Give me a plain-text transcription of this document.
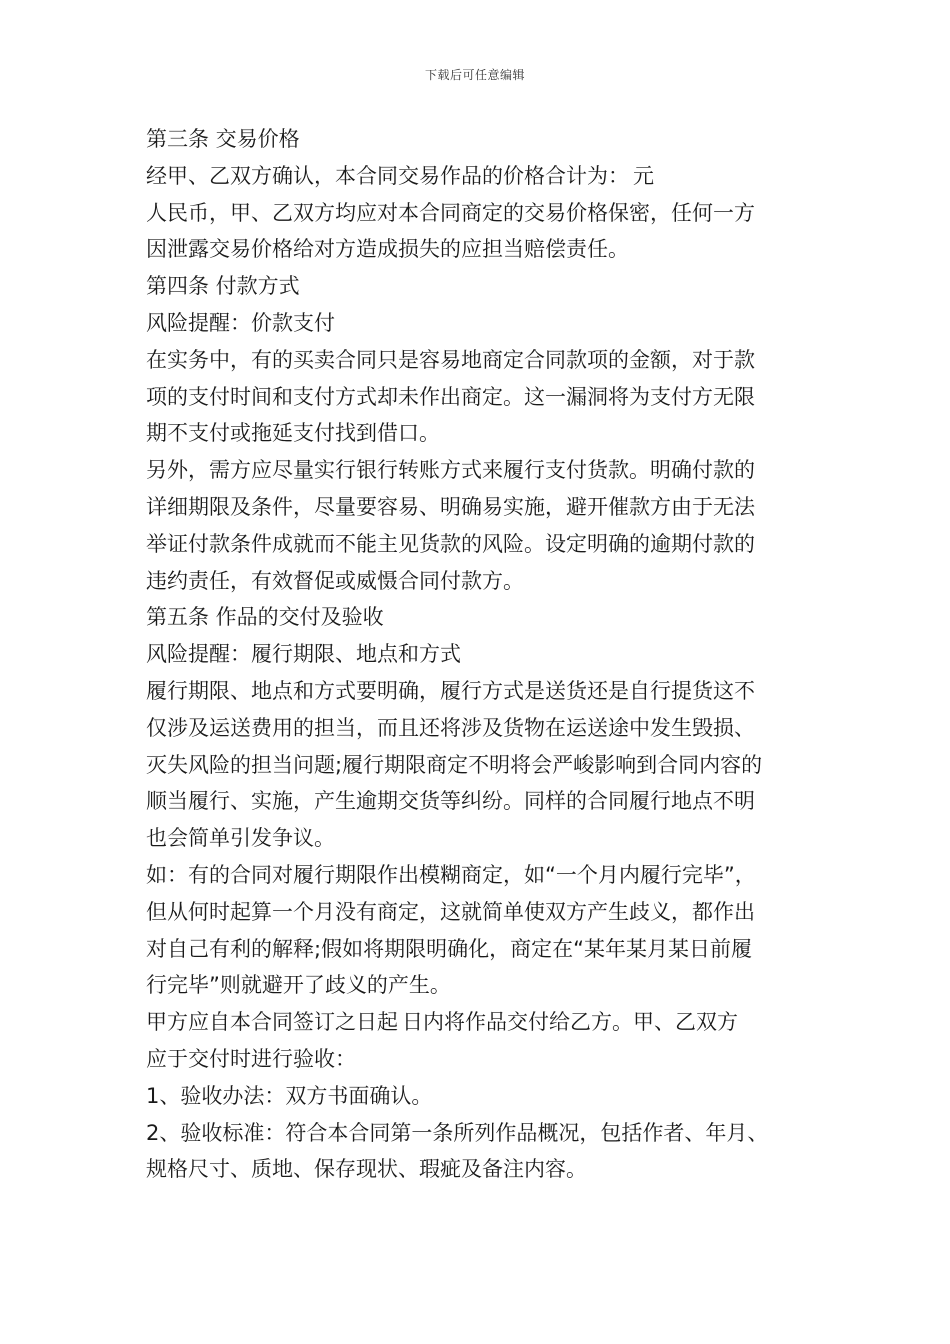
下载后可任意编辑
第三条 交易价格
经甲、乙双方确认，本合同交易作品的价格合计为： 元
人民币，甲、乙双方均应对本合同商定的交易价格保密，任何一方
因泄露交易价格给对方造成损失的应担当赔偿责任。
第四条 付款方式
风险提醒：价款支付
在实务中，有的买卖合同只是容易地商定合同款项的金额，对于款
项的支付时间和支付方式却未作出商定。这一漏洞将为支付方无限
期不支付或拖延支付找到借口。
另外，需方应尽量实行银行转账方式来履行支付货款。明确付款的
详细期限及条件，尽量要容易、明确易实施，避开催款方由于无法
举证付款条件成就而不能主见货款的风险。设定明确的逾期付款的
违约责任，有效督促或威慑合同付款方。
第五条 作品的交付及验收
风险提醒：履行期限、地点和方式
履行期限、地点和方式要明确，履行方式是送货还是自行提货这不
仅涉及运送费用的担当，而且还将涉及货物在运送途中发生毁损、
灭失风险的担当问题;履行期限商定不明将会严峻影响到合同内容的
顺当履行、实施，产生逾期交货等纠纷。同样的合同履行地点不明
也会简单引发争议。
如：有的合同对履行期限作出模糊商定，如“一个月内履行完毕”，
但从何时起算一个月没有商定，这就简单使双方产生歧义，都作出
对自己有利的解释;假如将期限明确化，商定在“某年某月某日前履
行完毕”则就避开了歧义的产生。
甲方应自本合同签订之日起 日内将作品交付给乙方。甲、乙双方
应于交付时进行验收：
1、验收办法：双方书面确认。
2、验收标准：符合本合同第一条所列作品概况，包括作者、年月、
规格尺寸、质地、保存现状、瑕疵及备注内容。
